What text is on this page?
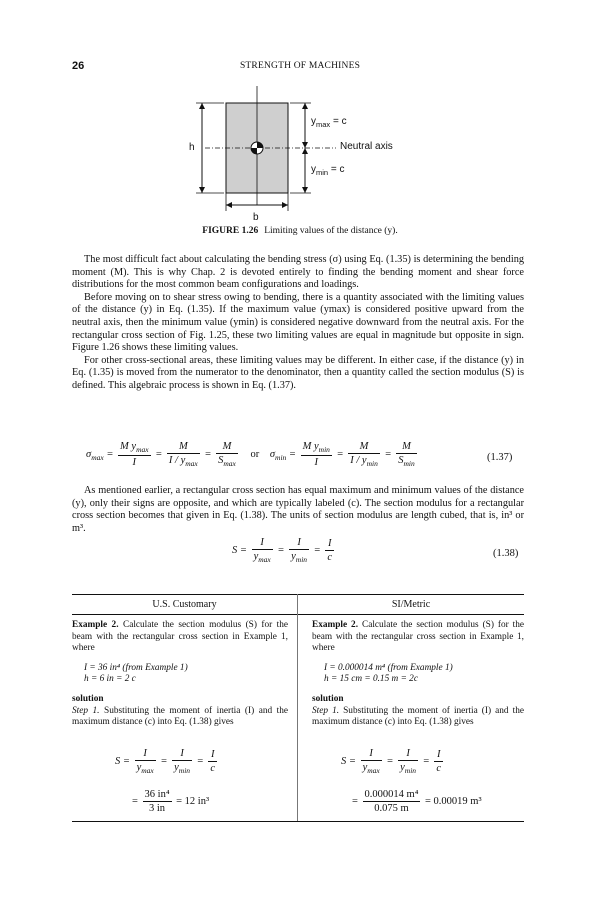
26	STRENGTH OF MACHINES
h
b
$y_{max} = c$
Neutral axis
$y_{min} = c$
FIGURE 1.26 Limiting values of the distance (y).

The most difficult fact about calculating the bending stress (σ) using Eq. (1.35) is determining the bending moment (M). This is why Chap. 2 is devoted entirely to finding the bending moment and shear force distributions for the most common beam configurations and loadings.

Before moving on to shear stress owing to bending, there is a quantity associated with the limiting values of the distance (y) in Eq. (1.35). If the maximum value (ymax) is considered positive upward from the neutral axis, then the minimum value (ymin) is considered negative downward from the neutral axis. For the rectangular cross section of Fig. 1.25, these two limiting values are equal in magnitude but opposite in sign. Figure 1.26 shows these limiting values.

For other cross-sectional areas, these limiting values may be different. In either case, if the distance (y) in Eq. (1.35) is moved from the numerator to the denominator, then a quantity called the section modulus (S) is defined. This algebraic process is shown in Eq. (1.37).

$\sigma_{max} = \frac{M y_{max}}{I} = \frac{M}{I / y_{max}} = \frac{M}{S_{max}}$ or $\sigma_{min} = \frac{M y_{min}}{I} = \frac{M}{I / y_{min}} = \frac{M}{S_{min}}$	(1.37)

As mentioned earlier, a rectangular cross section has equal maximum and minimum values of the distance (y), only their signs are opposite, and which are typically labeled (c). The section modulus for a rectangular cross section becomes that given in Eq. (1.38). The units of section modulus are length cubed, that is, in³ or m³.

$S = \frac{I}{y_{max}} = \frac{I}{y_{min}} = \frac{I}{c}$	(1.38)
U.S. Customary	SI/Metric

Example 2. Calculate the section modulus (S) for the beam with the rectangular cross section in Example 1, where

I = 36 in⁴ (from Example 1)

h = 6 in = 2 c

solution

Step 1. Substituting the moment of inertia (I) and the maximum distance (c) into Eq. (1.38) gives

$S = \frac{I}{y_{max}} = \frac{I}{y_{min}} = \frac{I}{c}$
= $\frac{\text{36 in⁴}}{3 in} = 12$ in³

Example 2. Calculate the section modulus (S) for the beam with the rectangular cross section in Example 1, where

I = 0.000014 m⁴ (from Example 1)

h = 15 cm = 0.15 m = 2c

solution

Step 1. Substituting the moment of inertia (I) and the maximum distance (c) into Eq. (1.38) gives

$S = \frac{I}{y_{max}} = \frac{I}{y_{min}} = \frac{I}{c}$
= $\frac{\text{0.000014 m⁴}}{0.075 m} = 0.00019$ m³
